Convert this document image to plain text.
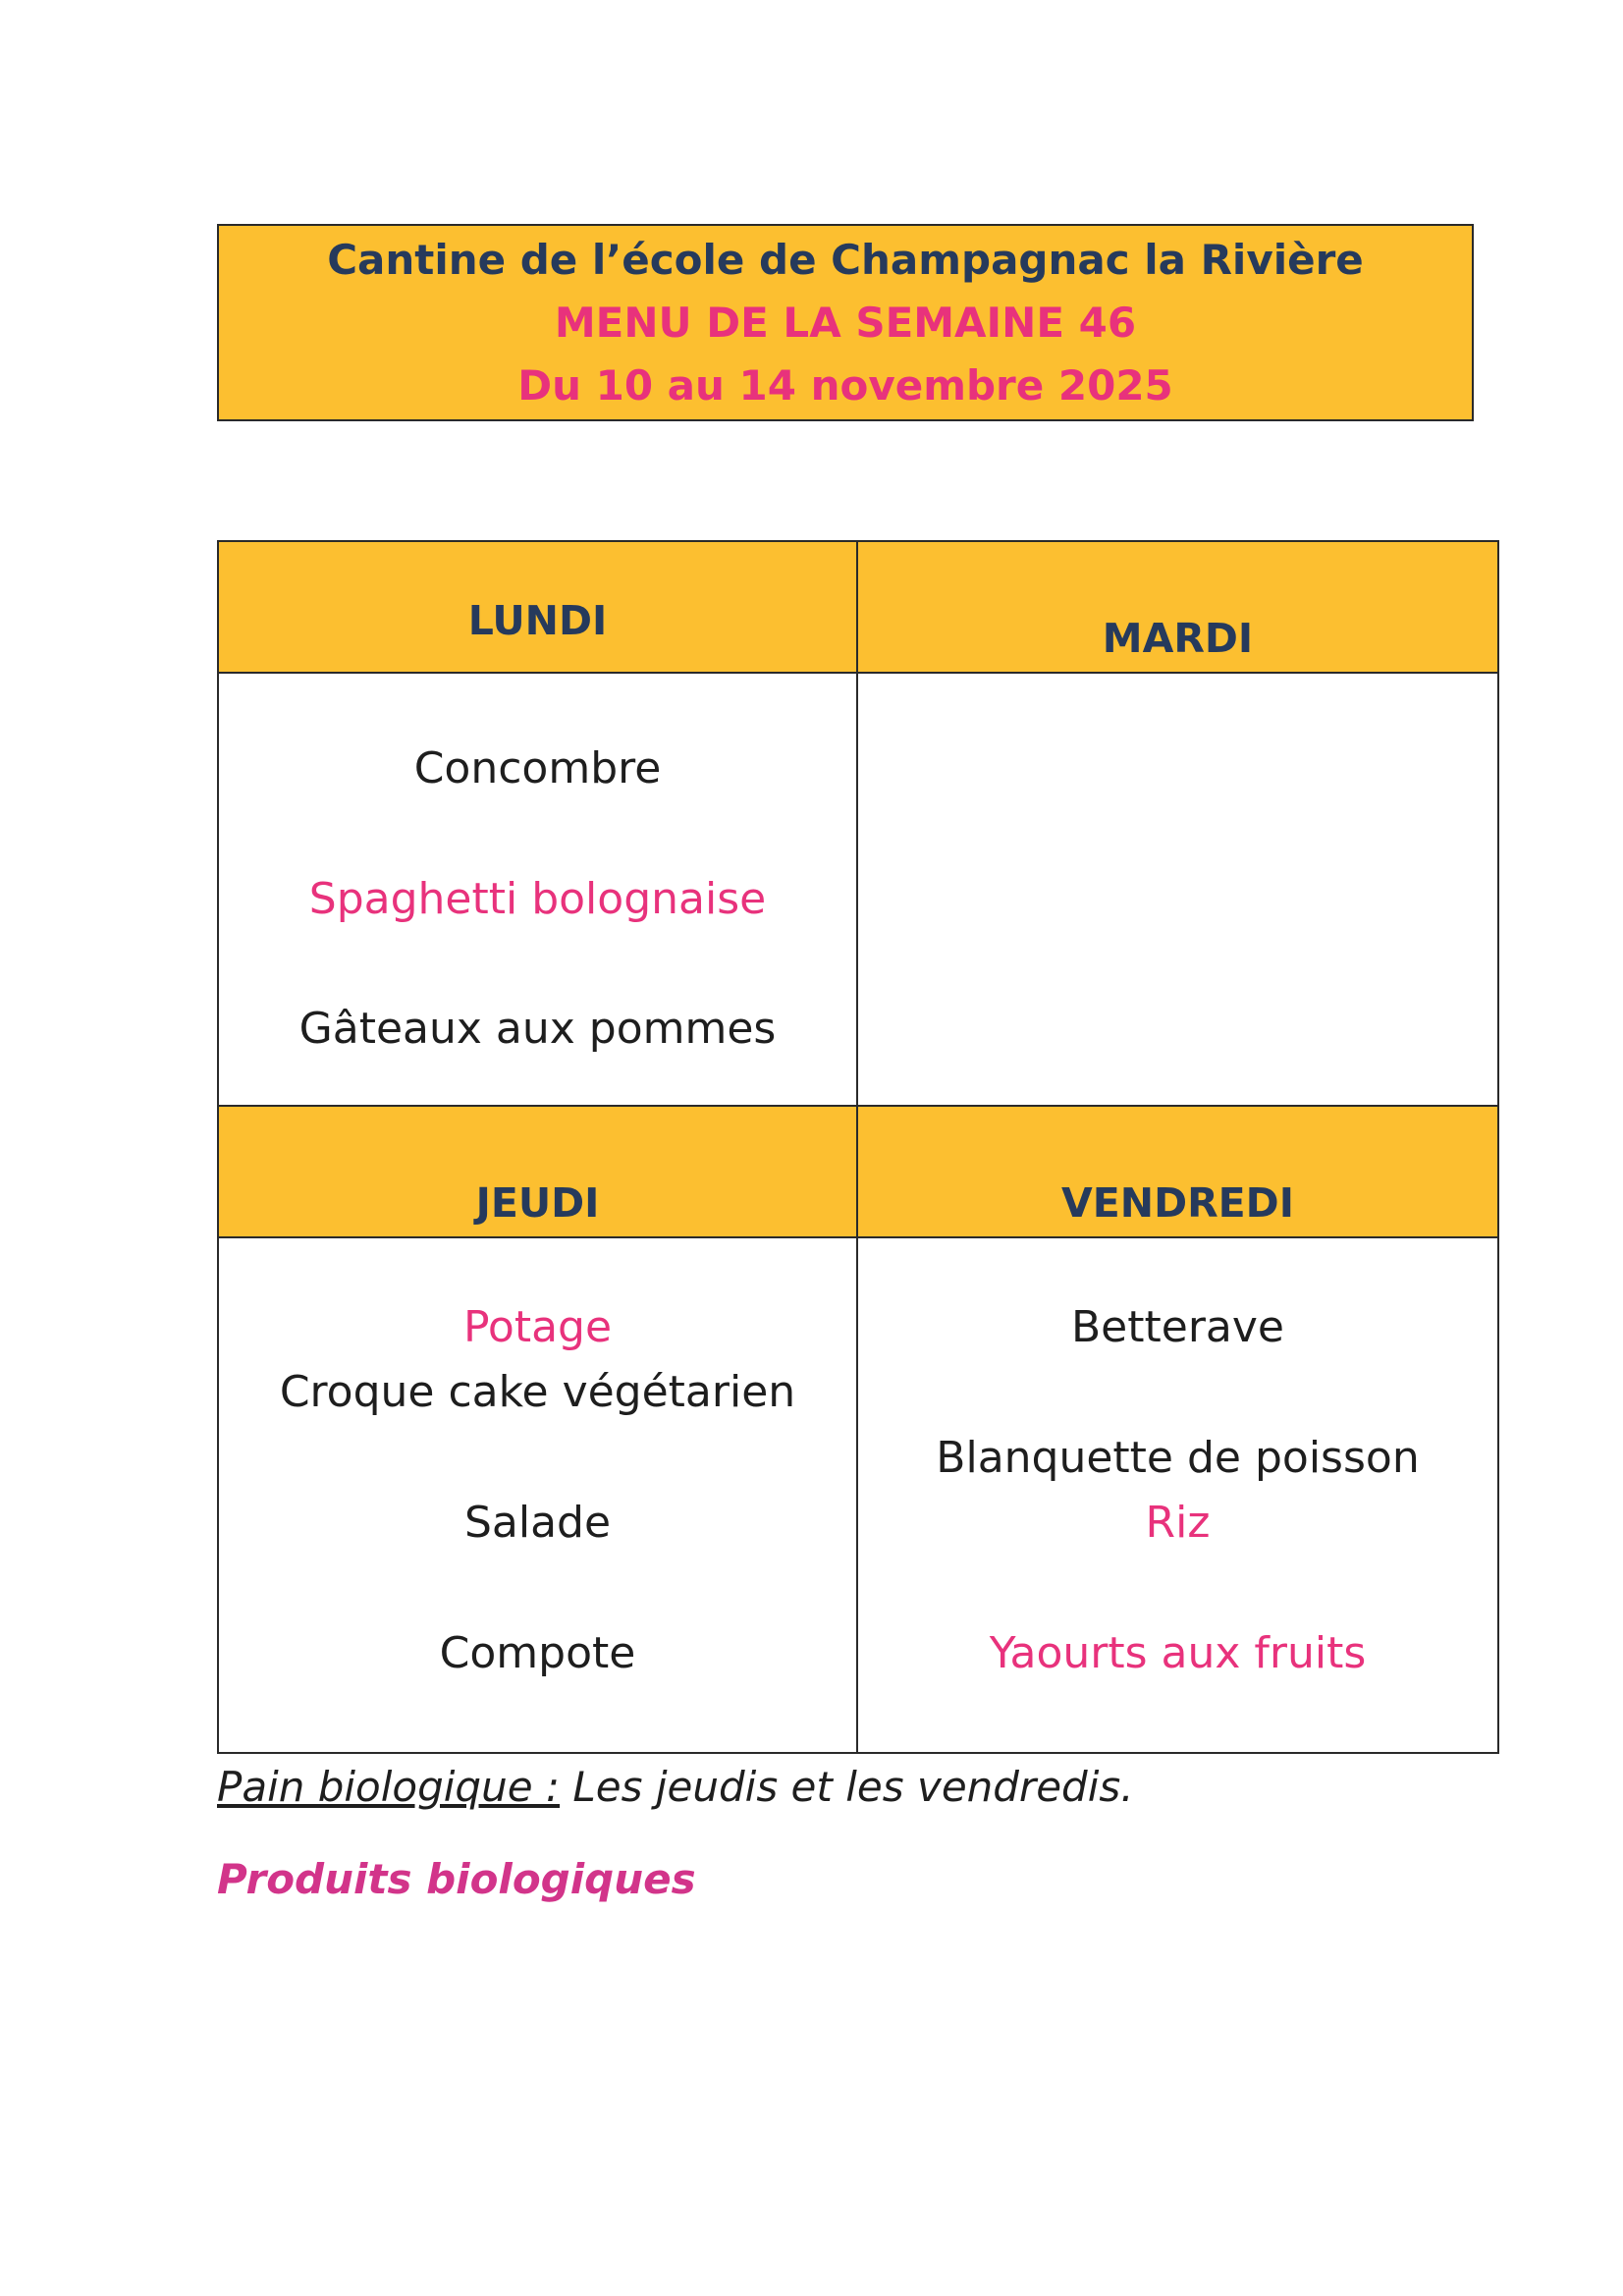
Cantine de l’école de Champagnac la Rivière
MENU DE LA SEMAINE 46
Du 10 au 14 novembre 2025
LUNDI	MARDI
Concombre
Spaghetti bolognaise
Gâteaux aux pommes
JEUDI	VENDREDI
Potage
Croque cake végétarien
Salade
Compote
Betterave
Blanquette de poisson
Riz
Yaourts aux fruits
Pain biologique : Les jeudis et les vendredis.
Produits biologiques
